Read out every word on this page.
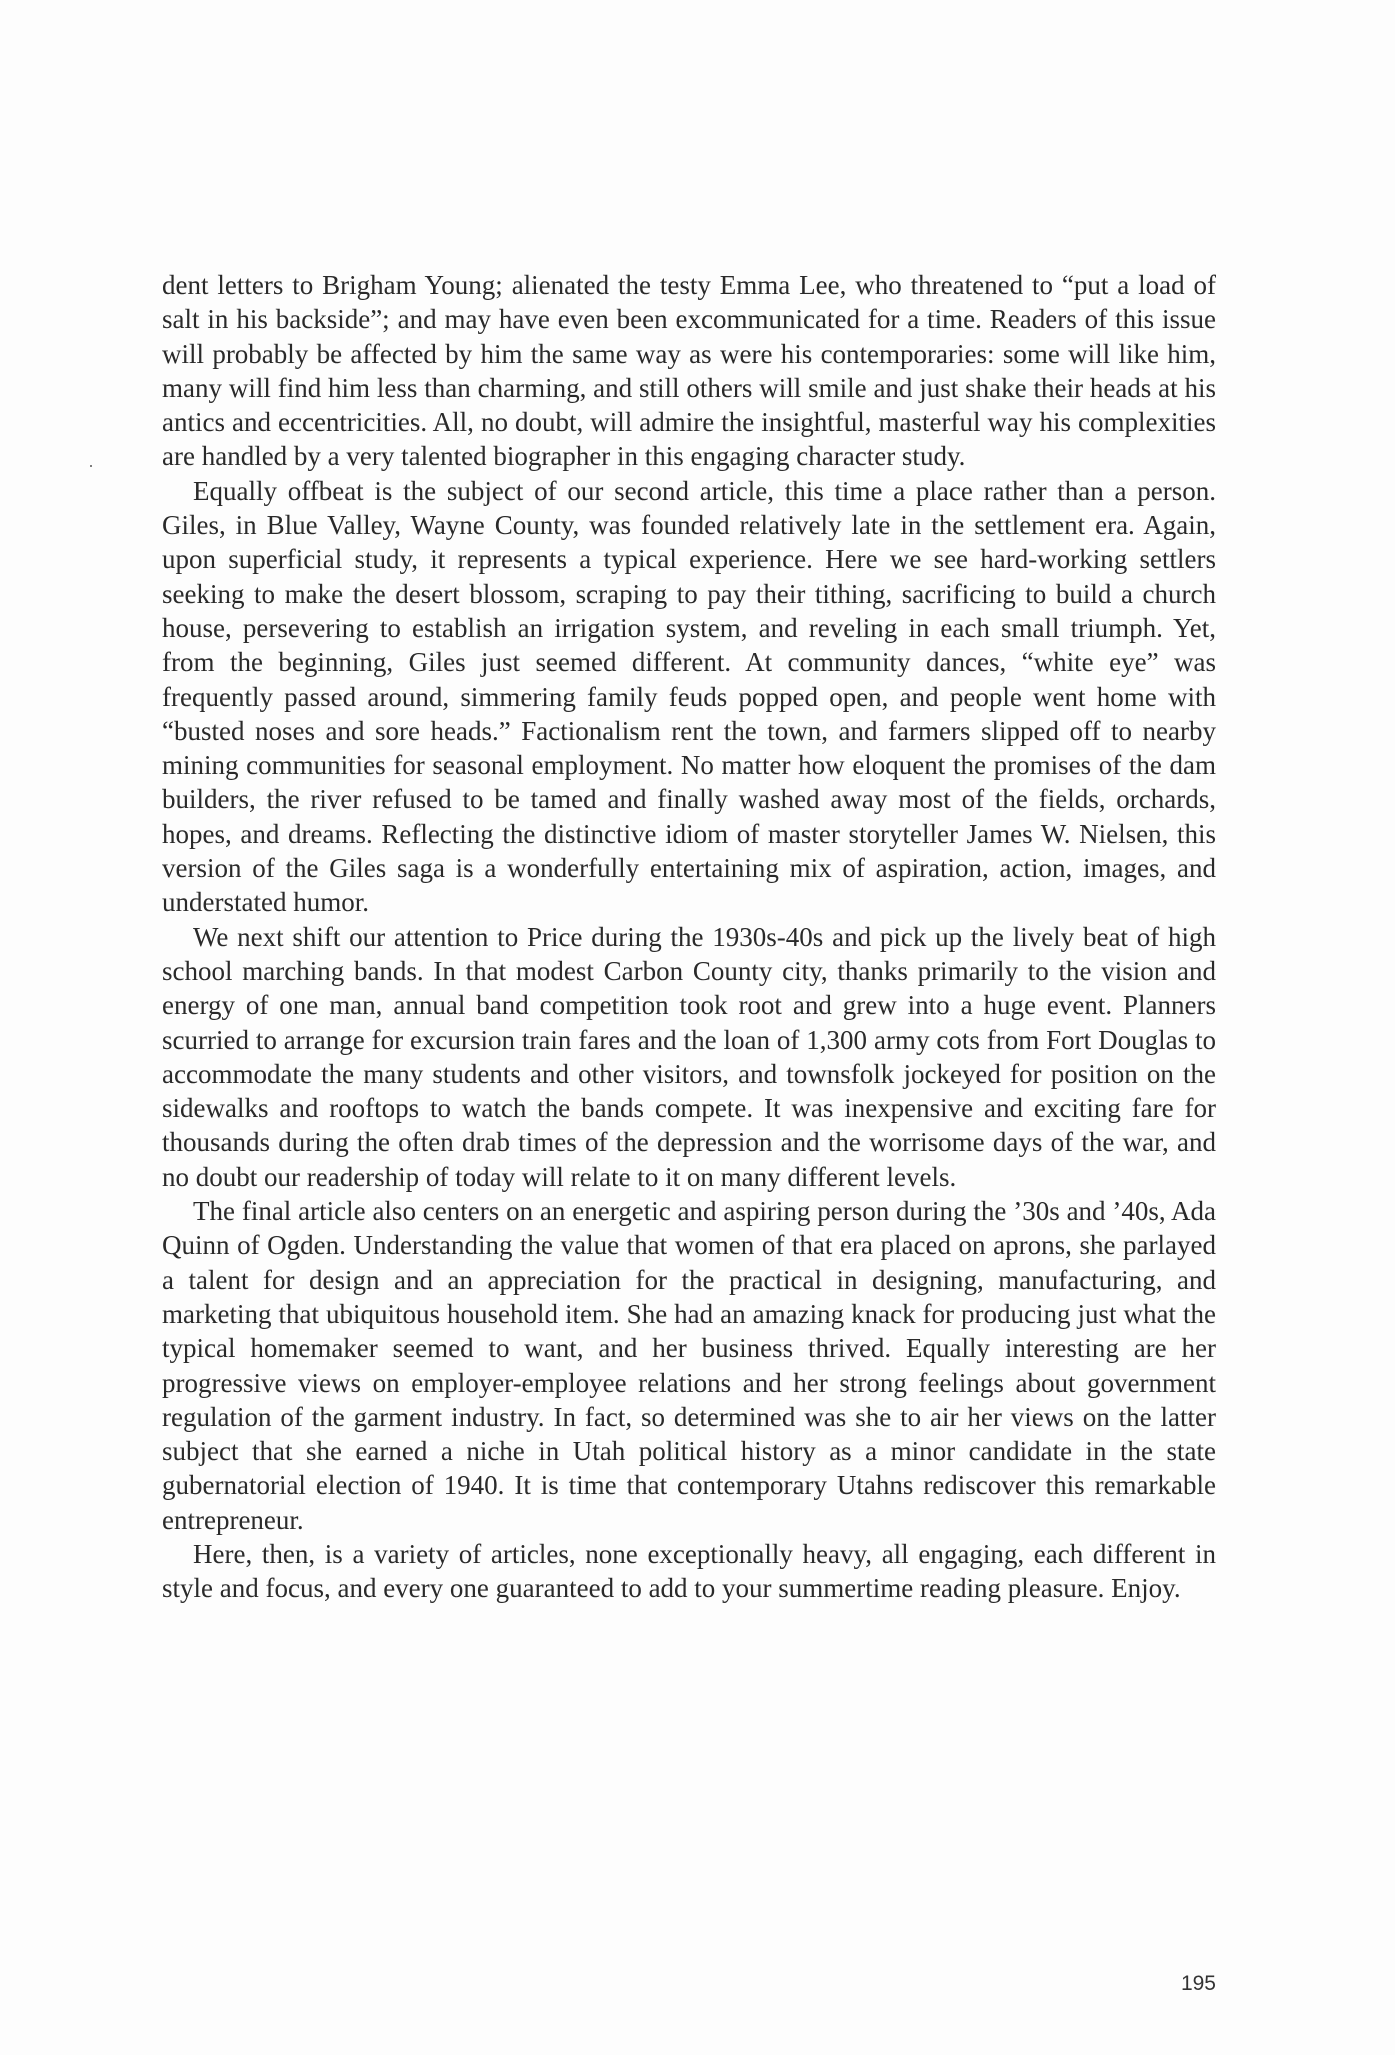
dent letters to Brigham Young; alienated the testy Emma Lee, who threatened to “put a load of salt in his backside”; and may have even been excommunicated for a time. Readers of this issue will probably be affected by him the same way as were his contemporaries: some will like him, many will find him less than charming, and still others will smile and just shake their heads at his antics and eccentricities. All, no doubt, will admire the insightful, masterful way his complexities are handled by a very talented biographer in this engaging character study.

Equally offbeat is the subject of our second article, this time a place rather than a person. Giles, in Blue Valley, Wayne County, was founded relatively late in the settlement era. Again, upon superficial study, it represents a typical experience. Here we see hard-working settlers seeking to make the desert blossom, scraping to pay their tithing, sacrificing to build a church house, persevering to establish an irrigation system, and reveling in each small triumph. Yet, from the beginning, Giles just seemed different. At community dances, “white eye” was frequently passed around, simmering family feuds popped open, and people went home with “busted noses and sore heads.” Factionalism rent the town, and farmers slipped off to nearby mining communities for seasonal employment. No matter how eloquent the promises of the dam builders, the river refused to be tamed and finally washed away most of the fields, orchards, hopes, and dreams. Reflecting the distinctive idiom of master storyteller James W. Nielsen, this version of the Giles saga is a wonderfully entertaining mix of aspiration, action, images, and understated humor.

We next shift our attention to Price during the 1930s-40s and pick up the lively beat of high school marching bands. In that modest Carbon County city, thanks primarily to the vision and energy of one man, annual band competition took root and grew into a huge event. Planners scurried to arrange for excursion train fares and the loan of 1,300 army cots from Fort Douglas to accommodate the many students and other visitors, and townsfolk jockeyed for position on the sidewalks and rooftops to watch the bands compete. It was inexpensive and exciting fare for thousands during the often drab times of the depression and the worrisome days of the war, and no doubt our readership of today will relate to it on many different levels.

The final article also centers on an energetic and aspiring person during the ’30s and ’40s, Ada Quinn of Ogden. Understanding the value that women of that era placed on aprons, she parlayed a talent for design and an appreciation for the practical in designing, manufacturing, and marketing that ubiquitous household item. She had an amazing knack for producing just what the typical homemaker seemed to want, and her business thrived. Equally interesting are her progressive views on employer-employee relations and her strong feelings about government regulation of the garment industry. In fact, so determined was she to air her views on the latter subject that she earned a niche in Utah political history as a minor candidate in the state gubernatorial election of 1940. It is time that contemporary Utahns rediscover this remarkable entrepreneur.

Here, then, is a variety of articles, none exceptionally heavy, all engaging, each different in style and focus, and every one guaranteed to add to your summertime reading pleasure. Enjoy.

195
